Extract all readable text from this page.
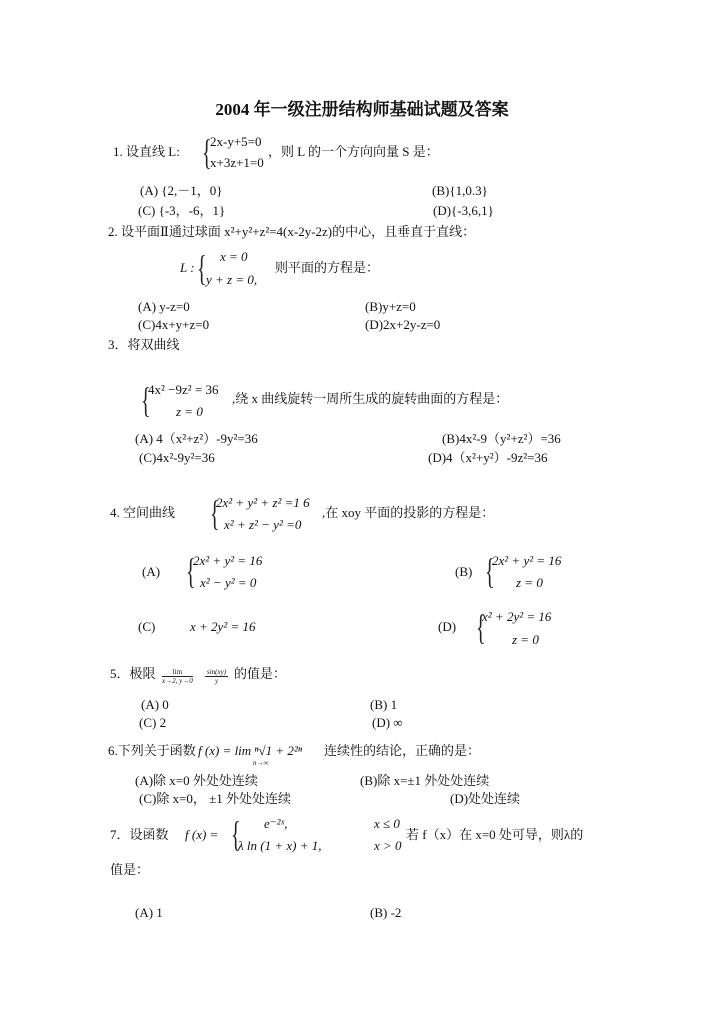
2004 年一级注册结构师基础试题及答案
1. 设直线 L: {
2x-y+5=0
x+3z+1=0
，则 L 的一个方向向量 S 是：
(A) {2,－1，0}	(B){1,0.3}
(C) {-3，-6，1}	(D){-3,6,1}
2. 设平面Ⅱ通过球面 x²+y²+z²=4(x-2y-2z)的中心，且垂直于直线：
L : { x = 0
y + z = 0,
则平面的方程是：
(A) y-z=0	(B)y+z=0
(C)4x+y+z=0	(D)2x+2y-z=0
3．将双曲线
{
4x² −9z² = 36
z = 0
,绕 x 曲线旋转一周所生成的旋转曲面的方程是：
(A) 4（x²+z²）-9y²=36	(B)4x²-9（y²+z²）=36
(C)4x²-9y²=36	(D)4（x²+y²）-9z²=36
4. 空间曲线 {
2x² + y² + z² =1 6
x² + z² − y² =0
,在 xoy 平面的投影的方程是：
(A) {
2x² + y² = 16
x² − y² = 0
(B) {
2x² + y² = 16
z = 0
(C)	x + 2y² = 16	(D) {
x² + 2y² = 16
z = 0
5．极限 $\frac{\lim}{x\to 2, y\to 0} \frac{\sin(xy)}{y}$ 的值是：
(A) 0	(B) 1
(C) 2	(D) ∞
6.下列关于函数 f (x) = lim ⁿ√1 + 2²ⁿ
n→∞
连续性的结论，正确的是：
(A)除 x=0 外处处连续	(B)除 x=±1 外处处连续
(C)除 x=0， ±1 外处处连续	(D)处处连续
7．设函数 f (x) = { e⁻²ˣ,
λ ln (1 + x) + 1,
x ≤ 0
x > 0
若 f（x）在 x=0 处可导，则λ的
值是：
(A) 1	(B) -2
